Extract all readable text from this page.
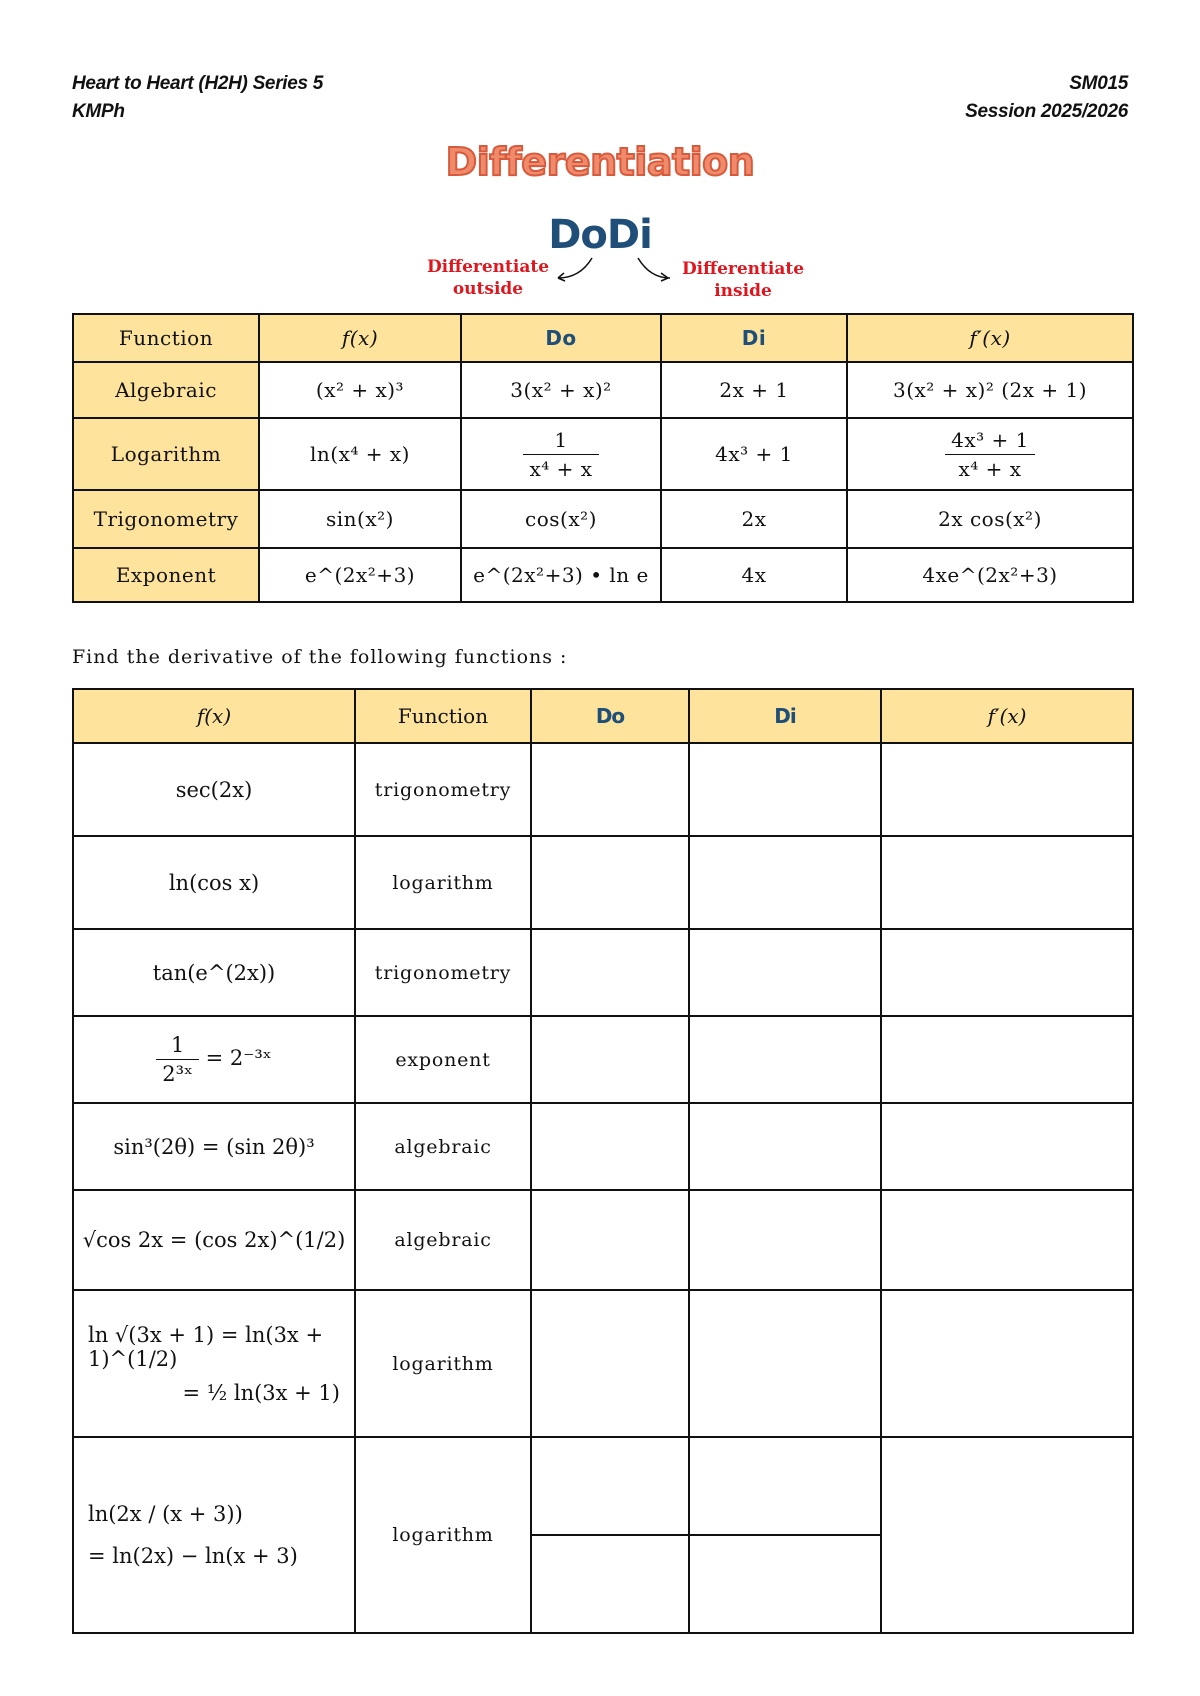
Heart to Heart (H2H) Series 5
KMPh
SM015
Session 2025/2026
Differentiation
DoDi
Differentiate
outside
Differentiate
inside
Function	f(x)	Do	Di	f′(x)
Algebraic	(x² + x)³	3(x² + x)²	2x + 1	3(x² + x)² (2x + 1)
Logarithm	ln(x⁴ + x)	$\frac{1}{\text{x⁴ + x}}$	4x³ + 1	$\frac{\text{4x³ + 1}}{\text{x⁴ + x}}$

Trigonometry	sin(x²)	cos(x²)	2x	2x cos(x²)
Exponent	e^(2x²+3)	e^(2x²+3) • ln e	4x	4xe^(2x²+3)
Find the derivative of the following functions :
f(x)	Function	Do	Di	f′(x)
sec(2x)	trigonometry			
ln(cos x)	logarithm			
tan(e^(2x))	trigonometry			

$\frac{1}{\text{2³ˣ}}$ = 2⁻³ˣ	exponent			
sin³(2θ) = (sin 2θ)³	algebraic			
√cos 2x = (cos 2x)^(1/2)	algebraic			

ln √(3x + 1) = ln(3x + 1)^(1/2)
= ½ ln(3x + 1)	logarithm			

ln(2x / (x + 3))
= ln(2x) − ln(x + 3)	logarithm			
